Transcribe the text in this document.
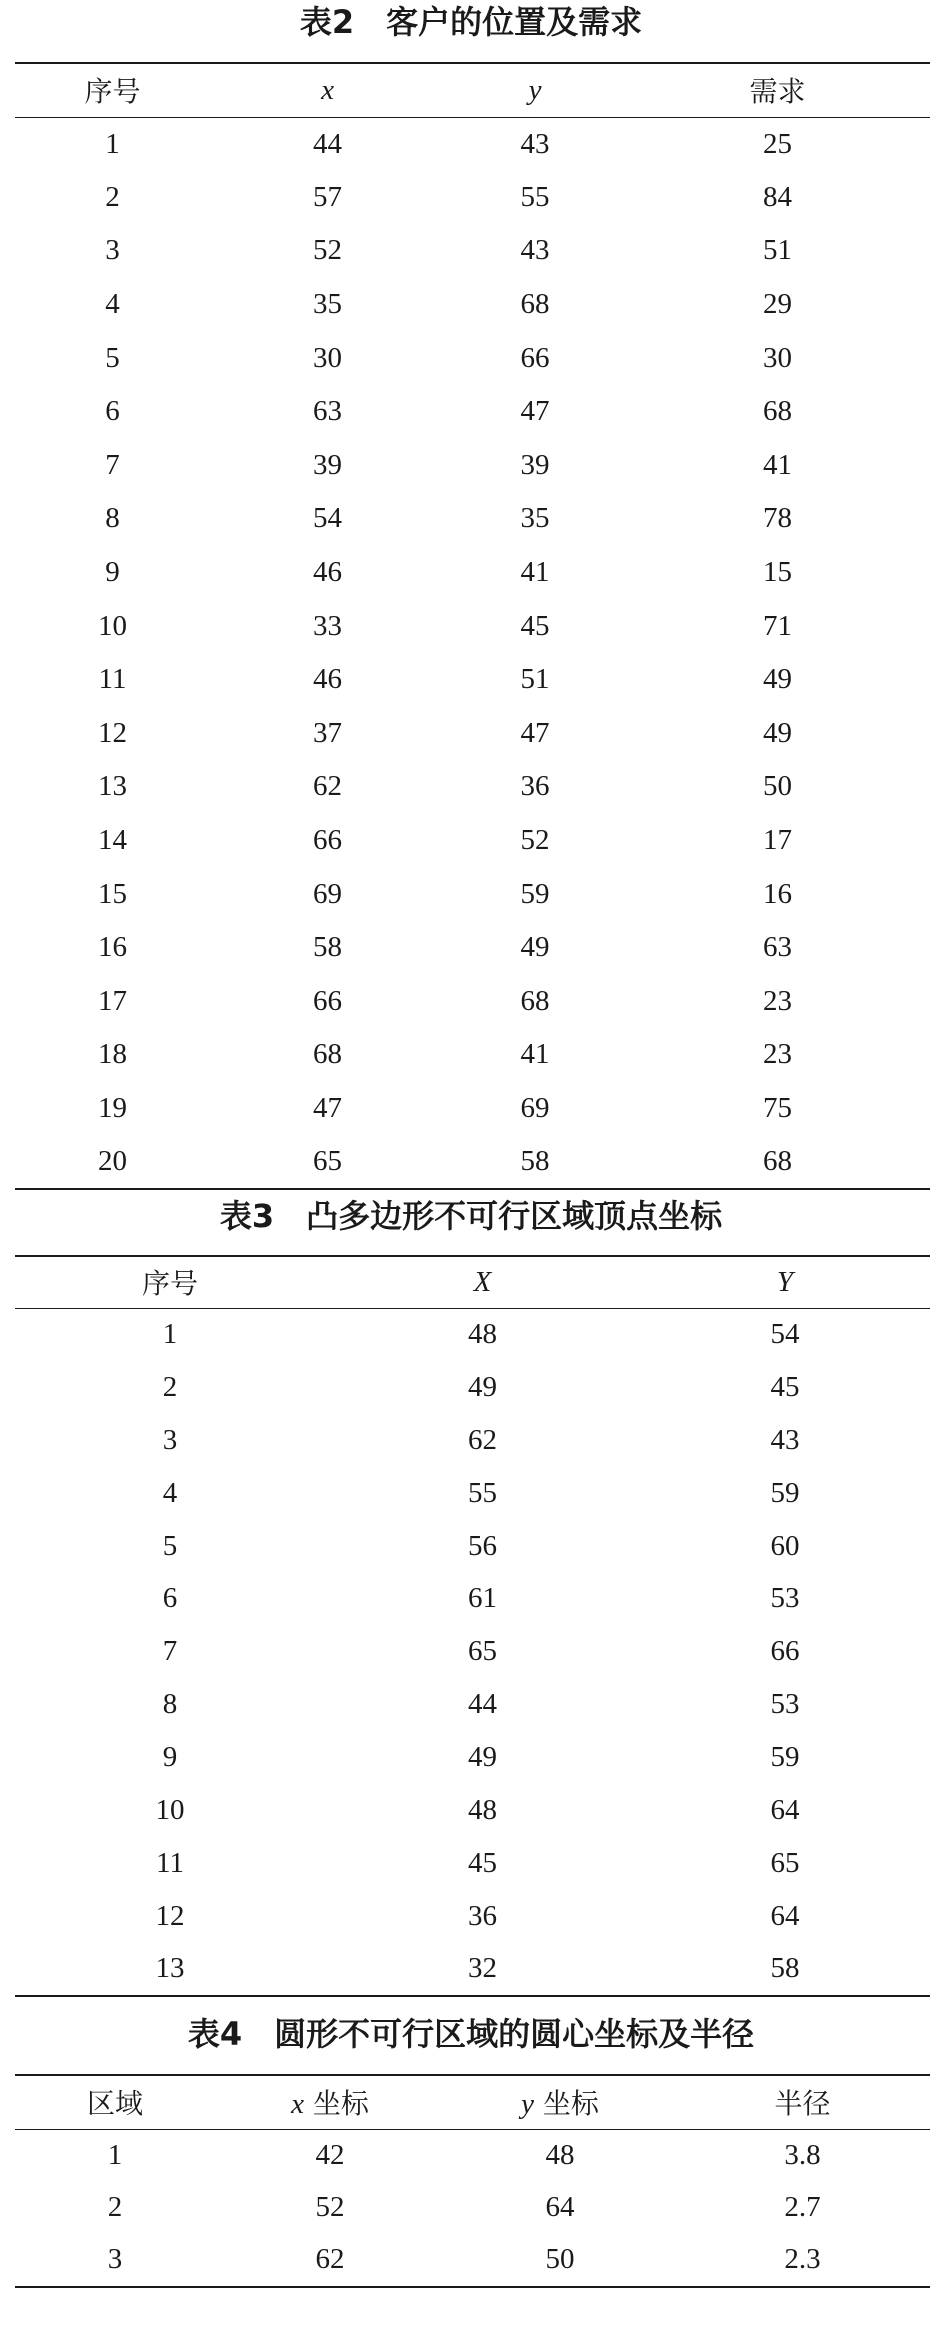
表2　客户的位置及需求
序号	x	y	需求
1	44	43	25
2	57	55	84
3	52	43	51
4	35	68	29
5	30	66	30
6	63	47	68
7	39	39	41
8	54	35	78
9	46	41	15
10	33	45	71
11	46	51	49
12	37	47	49
13	62	36	50
14	66	52	17
15	69	59	16
16	58	49	63
17	66	68	23
18	68	41	23
19	47	69	75
20	65	58	68
表3　凸多边形不可行区域顶点坐标
序号	X	Y
1	48	54
2	49	45
3	62	43
4	55	59
5	56	60
6	61	53
7	65	66
8	44	53
9	49	59
10	48	64
11	45	65
12	36	64
13	32	58
表4　圆形不可行区域的圆心坐标及半径
区域	x 坐标	y 坐标	半径
1	42	48	3.8
2	52	64	2.7
3	62	50	2.3
